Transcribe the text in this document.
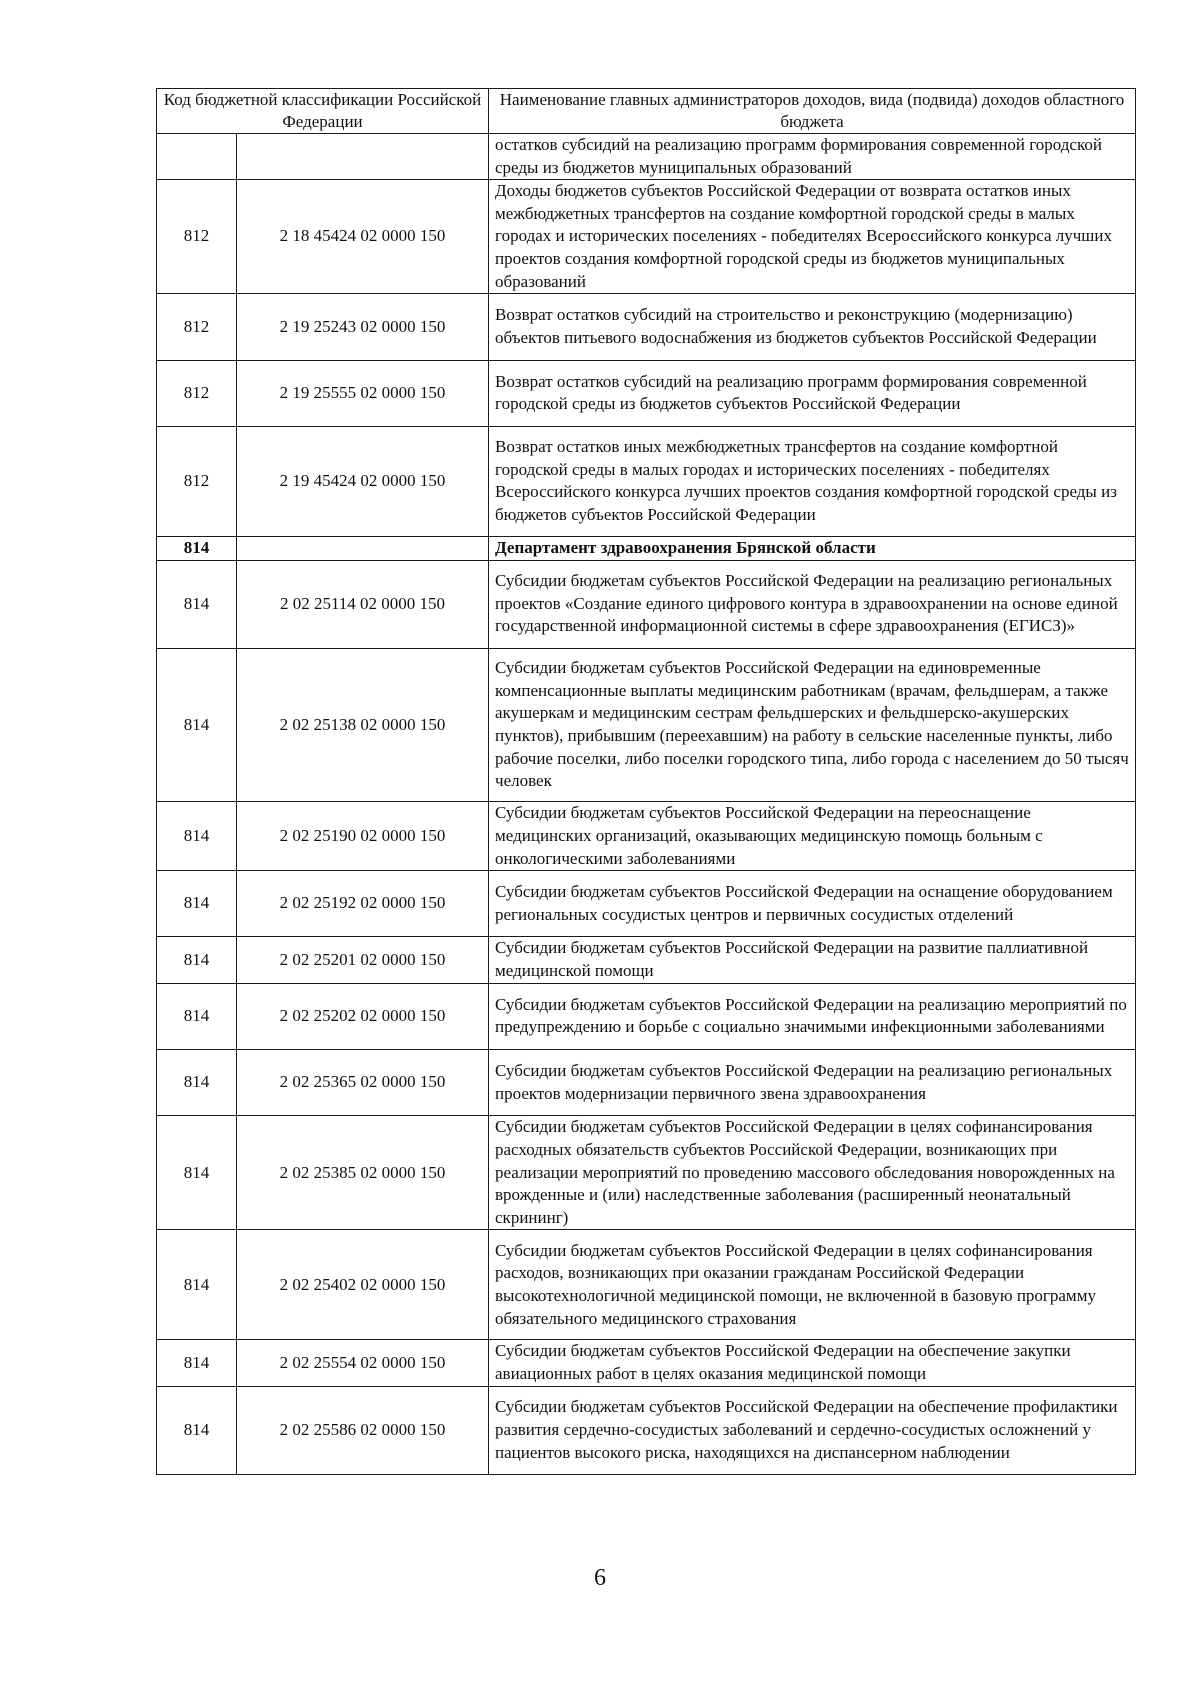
Код бюджетной классификации Российской Федерации		Наименование главных администраторов доходов, вида (подвида) доходов областного бюджета
		остатков субсидий на реализацию программ формирования современной городской среды из бюджетов муниципальных образований
812	2 18 45424 02 0000 150	Доходы бюджетов субъектов Российской Федерации от возврата остатков иных межбюджетных трансфертов на создание комфортной городской среды в малых городах и исторических поселениях - победителях Всероссийского конкурса лучших проектов создания комфортной городской среды из бюджетов муниципальных образований
812	2 19 25243 02 0000 150	Возврат остатков субсидий на строительство и реконструкцию (модернизацию) объектов питьевого водоснабжения из бюджетов субъектов Российской Федерации
812	2 19 25555 02 0000 150	Возврат остатков субсидий на реализацию программ формирования современной городской среды из бюджетов субъектов Российской Федерации
812	2 19 45424 02 0000 150	Возврат остатков иных межбюджетных трансфертов на создание комфортной городской среды в малых городах и исторических поселениях - победителях Всероссийского конкурса лучших проектов создания комфортной городской среды из бюджетов субъектов Российской Федерации
814		Департамент здравоохранения Брянской области
814	2 02 25114 02 0000 150	Субсидии бюджетам субъектов Российской Федерации на реализацию региональных проектов «Создание единого цифрового контура в здравоохранении на основе единой государственной информационной системы в сфере здравоохранения (ЕГИСЗ)»
814	2 02 25138 02 0000 150	Субсидии бюджетам субъектов Российской Федерации на единовременные компенсационные выплаты медицинским работникам (врачам, фельдшерам, а также акушеркам и медицинским сестрам фельдшерских и фельдшерско-акушерских пунктов), прибывшим (переехавшим) на работу в сельские населенные пункты, либо рабочие поселки, либо поселки городского типа, либо города с населением до 50 тысяч человек
814	2 02 25190 02 0000 150	Субсидии бюджетам субъектов Российской Федерации на переоснащение медицинских организаций, оказывающих медицинскую помощь больным с онкологическими заболеваниями
814	2 02 25192 02 0000 150	Субсидии бюджетам субъектов Российской Федерации на оснащение оборудованием региональных сосудистых центров и первичных сосудистых отделений
814	2 02 25201 02 0000 150	Субсидии бюджетам субъектов Российской Федерации на развитие паллиативной медицинской помощи
814	2 02 25202 02 0000 150	Субсидии бюджетам субъектов Российской Федерации на реализацию мероприятий по предупреждению и борьбе с социально значимыми инфекционными заболеваниями
814	2 02 25365 02 0000 150	Субсидии бюджетам субъектов Российской Федерации на реализацию региональных проектов модернизации первичного звена здравоохранения
814	2 02 25385 02 0000 150	Субсидии бюджетам субъектов Российской Федерации в целях софинансирования расходных обязательств субъектов Российской Федерации, возникающих при реализации мероприятий по проведению массового обследования новорожденных на врожденные и (или) наследственные заболевания (расширенный неонатальный скрининг)
814	2 02 25402 02 0000 150	Субсидии бюджетам субъектов Российской Федерации в целях софинансирования расходов, возникающих при оказании гражданам Российской Федерации высокотехнологичной медицинской помощи, не включенной в базовую программу обязательного медицинского страхования
814	2 02 25554 02 0000 150	Субсидии бюджетам субъектов Российской Федерации на обеспечение закупки авиационных работ в целях оказания медицинской помощи
814	2 02 25586 02 0000 150	Субсидии бюджетам субъектов Российской Федерации на обеспечение профилактики развития сердечно-сосудистых заболеваний и сердечно-сосудистых осложнений у пациентов высокого риска, находящихся на диспансерном наблюдении
6
